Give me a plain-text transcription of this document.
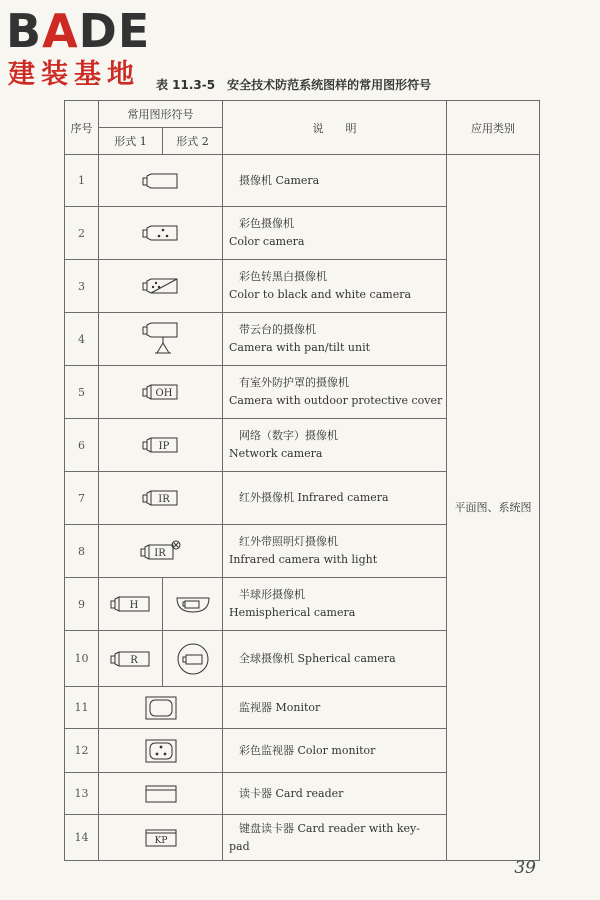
BADE
建装基地	表 11.3-5 安全技术防范系统图样的常用图形符号
序号	常用图形符号		说　　明	应用类别
	形式 1	形式 2		
1			摄像机 Camera	平面图、系统图
2			彩色摄像机
Color camera	

3			彩色转黑白摄像机
Color to black and white camera	

4			带云台的摄像机
Camera with pan/tilt unit	

5	OH		有室外防护罩的摄像机
Camera with outdoor protective cover	

6	IP		网络（数字）摄像机
Network camera	

7	IR		红外摄像机 Infrared camera	

8	IR		红外带照明灯摄像机
Infrared camera with light	

9	H		半球形摄像机
Hemispherical camera	

10	R		全球摄像机 Spherical camera	

11			监视器 Monitor	

12			彩色监视器 Color monitor	

13			读卡器 Card reader	

14	KP		键盘读卡器 Card reader with key-
pad	
39
